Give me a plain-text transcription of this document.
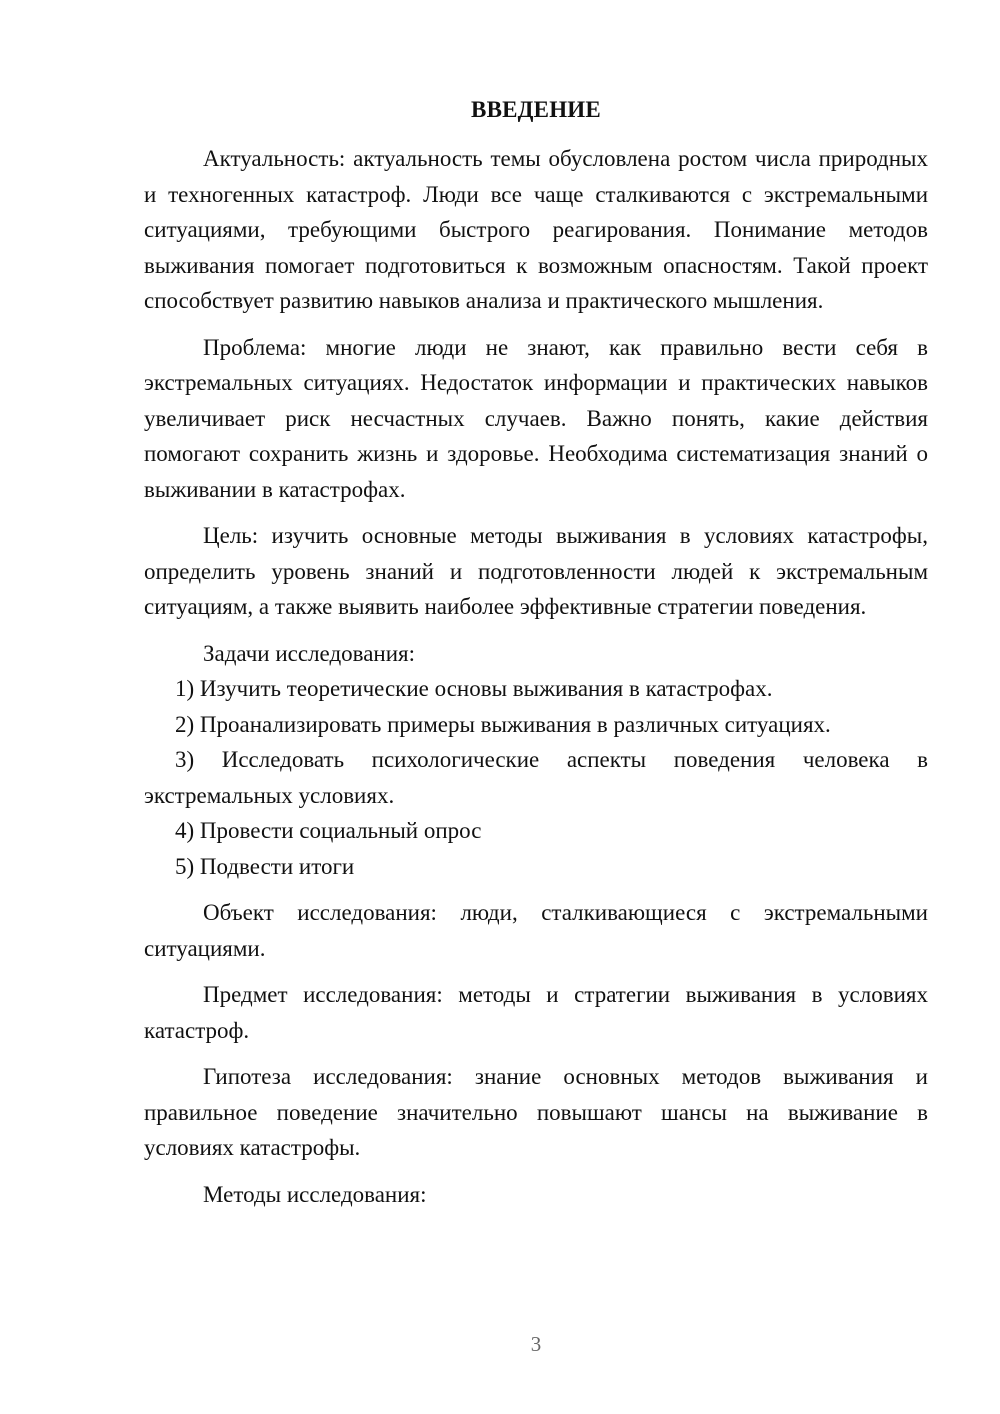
ВВЕДЕНИЕ

Актуальность: актуальность темы обусловлена ростом числа природных и техногенных катастроф. Люди все чаще сталкиваются с экстремальными ситуациями, требующими быстрого реагирования. Понимание методов выживания помогает подготовиться к возможным опасностям. Такой проект способствует развитию навыков анализа и практического мышления.

Проблема: многие люди не знают, как правильно вести себя в экстремальных ситуациях. Недостаток информации и практических навыков увеличивает риск несчастных случаев. Важно понять, какие действия помогают сохранить жизнь и здоровье. Необходима систематизация знаний о выживании в катастрофах.

Цель: изучить основные методы выживания в условиях катастрофы, определить уровень знаний и подготовленности людей к экстремальным ситуациям, а также выявить наиболее эффективные стратегии поведения.

Задачи исследования:

1) Изучить теоретические основы выживания в катастрофах.

2) Проанализировать примеры выживания в различных ситуациях.

3) Исследовать психологические аспекты поведения человека в экстремальных условиях.

4) Провести социальный опрос

5) Подвести итоги

Объект исследования: люди, сталкивающиеся с экстремальными ситуациями.

Предмет исследования: методы и стратегии выживания в условиях катастроф.

Гипотеза исследования: знание основных методов выживания и правильное поведение значительно повышают шансы на выживание в условиях катастрофы.

Методы исследования:

3
